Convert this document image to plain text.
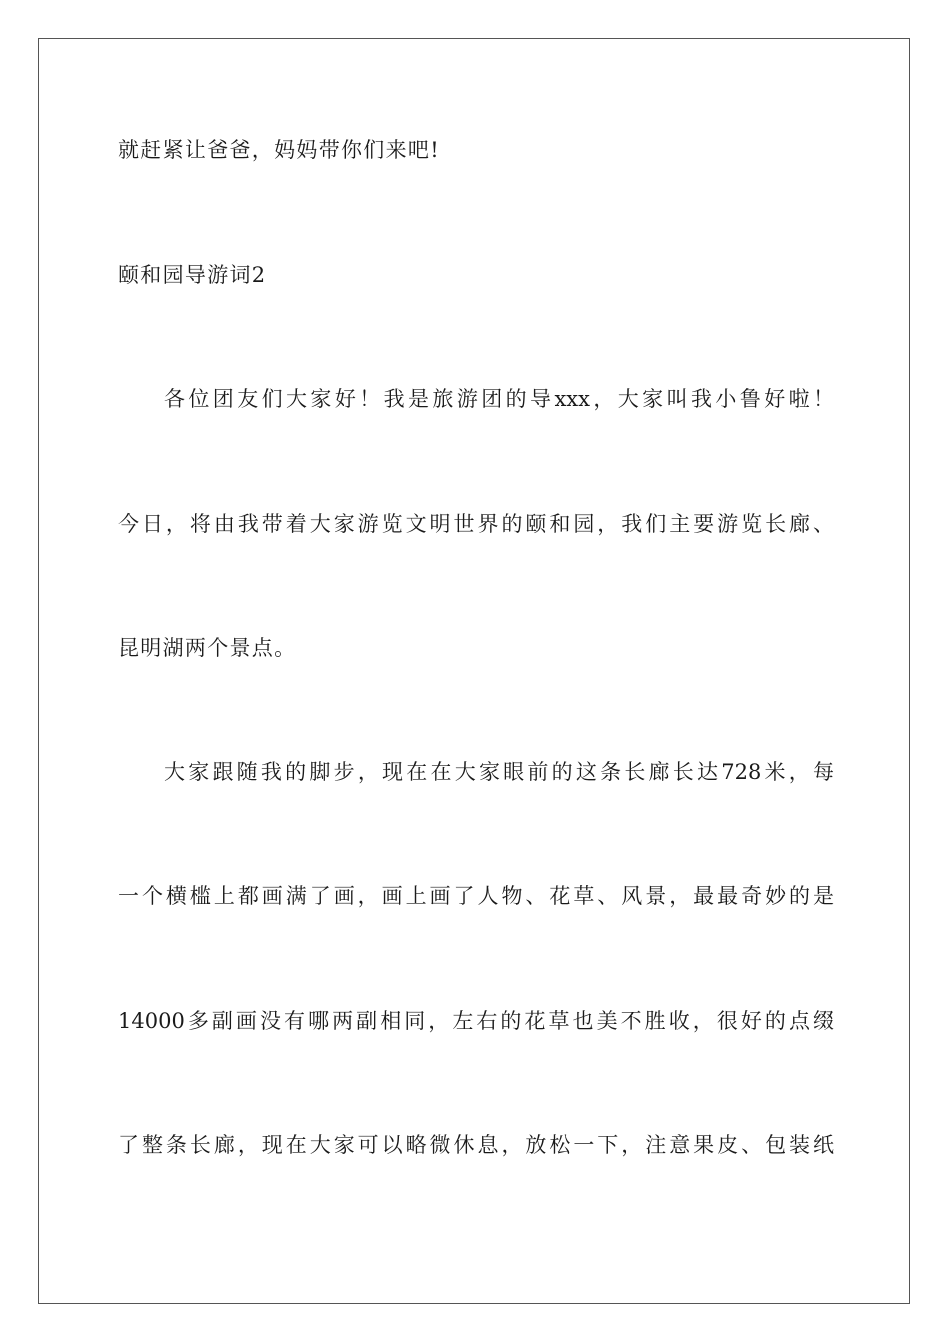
就赶紧让爸爸，妈妈带你们来吧!
颐和园导游词2
各位团友们大家好！我是旅游团的导xxx，大家叫我小鲁好啦！
今日，将由我带着大家游览文明世界的颐和园，我们主要游览长廊、
昆明湖两个景点。
大家跟随我的脚步，现在在大家眼前的这条长廊长达728米，每
一个横槛上都画满了画，画上画了人物、花草、风景，最最奇妙的是
14000多副画没有哪两副相同，左右的花草也美不胜收，很好的点缀
了整条长廊，现在大家可以略微休息，放松一下，注意果皮、包装纸
